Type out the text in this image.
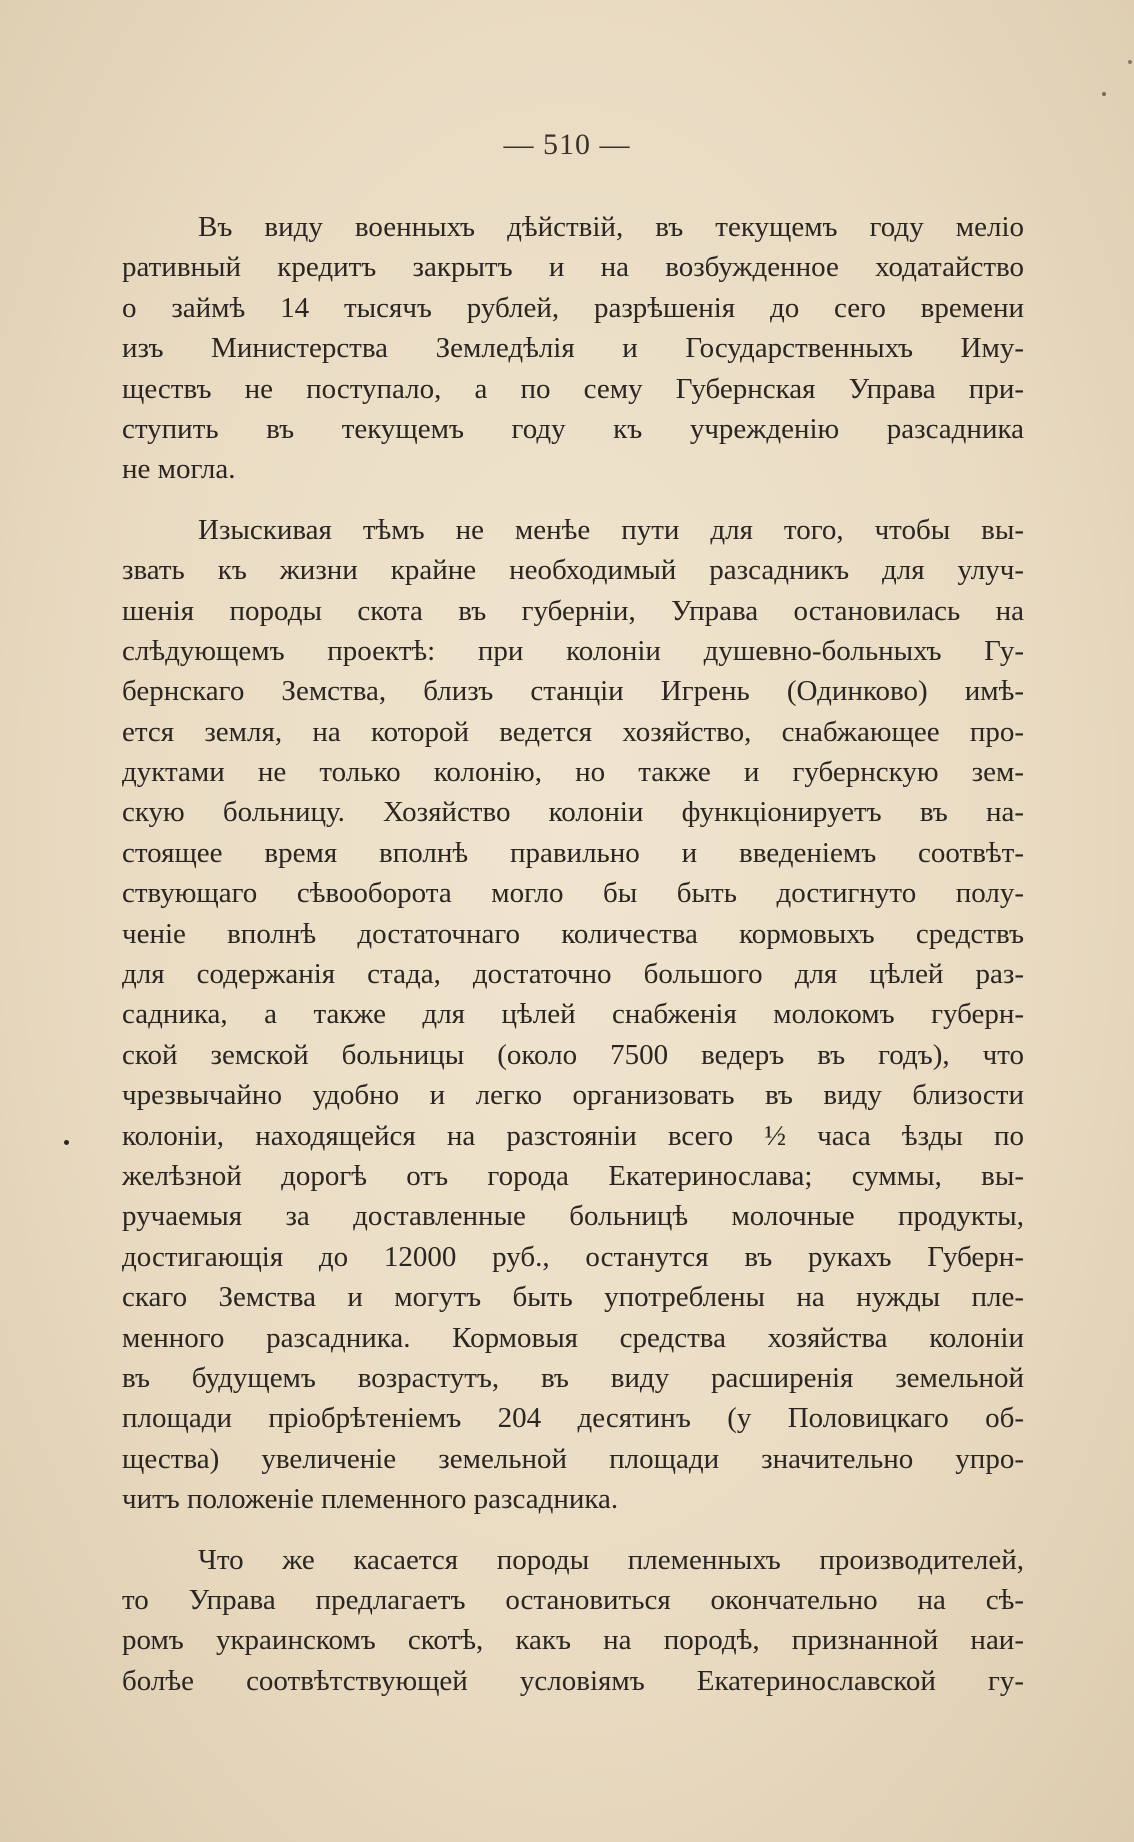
— 510 —
Въ виду военныхъ дѣйствій, въ текущемъ году меліо
ративный кредитъ закрытъ и на возбужденное ходатайство
о займѣ 14 тысячъ рублей, разрѣшенія до сего времени
изъ Министерства Земледѣлія и Государственныхъ Иму-
ществъ не поступало, а по сему Губернская Управа при-
ступить въ текущемъ году къ учрежденію разсадника
не могла.
Изыскивая тѣмъ не менѣе пути для того, чтобы вы-
звать къ жизни крайне необходимый разсадникъ для улуч-
шенія породы скота въ губерніи, Управа остановилась на
слѣдующемъ проектѣ: при колоніи душевно-больныхъ Гу-
бернскаго Земства, близъ станціи Игрень (Одинково) имѣ-
ется земля, на которой ведется хозяйство, снабжающее про-
дуктами не только колонію, но также и губернскую зем-
скую больницу. Хозяйство колоніи функціонируетъ въ на-
стоящее время вполнѣ правильно и введеніемъ соотвѣт-
ствующаго сѣвооборота могло бы быть достигнуто полу-
ченіе вполнѣ достаточнаго количества кормовыхъ средствъ
для содержанія стада, достаточно большого для цѣлей раз-
садника, а также для цѣлей снабженія молокомъ губерн-
ской земской больницы (около 7500 ведеръ въ годъ), что
чрезвычайно удобно и легко организовать въ виду близости
колоніи, находящейся на разстояніи всего ½ часа ѣзды по
желѣзной дорогѣ отъ города Екатеринослава; суммы, вы-
ручаемыя за доставленные больницѣ молочные продукты,
достигающія до 12000 руб., останутся въ рукахъ Губерн-
скаго Земства и могутъ быть употреблены на нужды пле-
менного разсадника. Кормовыя средства хозяйства колоніи
въ будущемъ возрастутъ, въ виду расширенія земельной
площади пріобрѣтеніемъ 204 десятинъ (у Половицкаго об-
щества) увеличеніе земельной площади значительно упро-
читъ положеніе племенного разсадника.
Что же касается породы племенныхъ производителей,
то Управа предлагаетъ остановиться окончательно на сѣ-
ромъ украинскомъ скотѣ, какъ на породѣ, признанной наи-
болѣе соотвѣтствующей условіямъ Екатеринославской гу-
